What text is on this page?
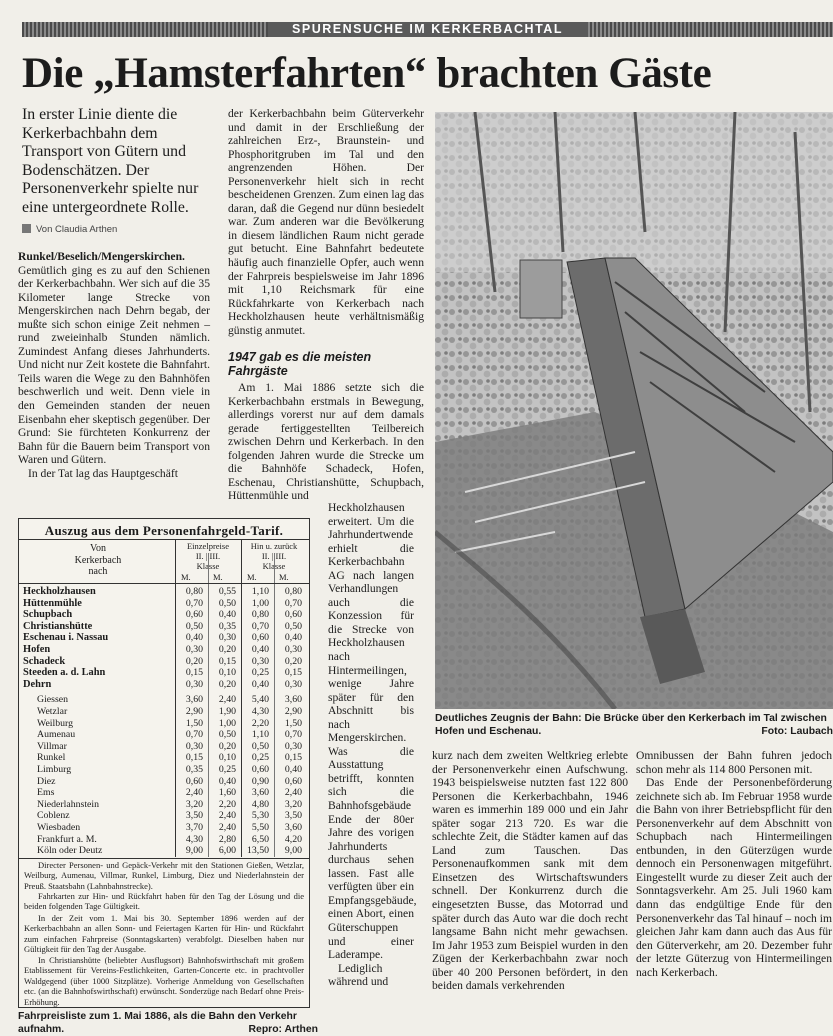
SPURENSUCHE IM KERKERBACHTAL
Die „Hamsterfahrten“ brachten Gäste
In erster Linie diente die Kerkerbachbahn dem Transport von Gütern und Bodenschätzen. Der Personenverkehr spielte nur eine untergeordnete Rolle.
Von Claudia Arthen

Runkel/Beselich/Mengerskirchen. Gemütlich ging es zu auf den Schienen der Kerkerbachbahn. Wer sich auf die 35 Kilometer lange Strecke von Mengerskirchen nach Dehrn begab, der mußte sich schon einige Zeit nehmen – rund zweieinhalb Stunden nämlich. Zumindest Anfang dieses Jahrhunderts. Und nicht nur Zeit kostete die Bahnfahrt. Teils waren die Wege zu den Bahnhöfen beschwerlich und weit. Denn viele in den Gemeinden standen der neuen Eisenbahn eher skeptisch gegenüber. Der Grund: Sie fürchteten Konkurrenz der Bahn für die Bauern beim Transport von Waren und Gütern.

In der Tat lag das Hauptgeschäft

der Kerkerbachbahn beim Güterverkehr und damit in der Erschließung der zahlreichen Erz-, Braunstein- und Phosphoritgruben im Tal und den angrenzenden Höhen. Der Personenverkehr hielt sich in recht bescheidenen Grenzen. Zum einen lag das daran, daß die Gegend nur dünn besiedelt war. Zum anderen war die Bevölkerung in diesem ländlichen Raum nicht gerade gut betucht. Eine Bahnfahrt bedeutete häufig auch finanzielle Opfer, auch wenn der Fahrpreis bespielsweise im Jahr 1896 mit 1,10 Reichsmark für eine Rückfahrkarte von Kerkerbach nach Heckholzhausen heute verhältnismäßig günstig anmutet.

1947 gab es die meisten Fahrgäste

Am 1. Mai 1886 setzte sich die Kerkerbachbahn erstmals in Bewegung, allerdings vorerst nur auf dem damals gerade fertiggestellten Teilbereich zwischen Dehrn und Kerkerbach. In den folgenden Jahren wurde die Strecke um die Bahnhöfe Schadeck, Hofen, Eschenau, Christianshütte, Schupbach, Hüttenmühle und

Heckholzhausen erweitert. Um die Jahrhundertwende erhielt die Kerkerbachbahn AG nach langen Verhandlungen auch die Konzession für die Strecke von Heckholzhausen nach Hintermeilingen, wenige Jahre später für den Abschnitt bis nach Mengerskirchen. Was die Ausstattung betrifft, konnten sich die Bahnhofsgebäude Ende der 80er Jahre des vorigen Jahrhunderts durchaus sehen lassen. Fast alle verfügten über ein Empfangsgebäude, einen Abort, einen Güterschuppen und einer Laderampe.

Lediglich während und

Deutliches Zeugnis der Bahn: Die Brücke über den Kerkerbach im Tal zwischen Hofen und Eschenau.	Foto: Laubach

kurz nach dem zweiten Weltkrieg erlebte der Personenverkehr einen Aufschwung. 1943 beispielsweise nutzten fast 122 800 Personen die Kerkerbachbahn, 1946 waren es immerhin 189 000 und ein Jahr später sogar 213 720. Es war die schlechte Zeit, die Städter kamen auf das Land zum Tauschen. Das Personenaufkommen sank mit dem Einsetzen des Wirtschaftswunders schnell. Der Konkurrenz durch die eingesetzten Busse, das Motorrad und später durch das Auto war die doch recht langsame Bahn nicht mehr gewachsen. Im Jahr 1953 zum Beispiel wurden in den Zügen der Kerkerbachbahn zwar noch über 40 200 Personen befördert, in den beiden damals verkehrenden

Omnibussen der Bahn fuhren jedoch schon mehr als 114 800 Personen mit.

Das Ende der Personenbeförderung zeichnete sich ab. Im Februar 1958 wurde die Bahn von ihrer Betriebspflicht für den Personenverkehr auf dem Abschnitt von Schupbach nach Hintermeilingen entbunden, in den Güterzügen wurde dennoch ein Personenwagen mitgeführt. Eingestellt wurde zu dieser Zeit auch der Sonntagsverkehr. Am 25. Juli 1960 kam dann das endgültige Ende für den Personenverkehr das Tal hinauf – noch im gleichen Jahr kam dann auch das Aus für den Güterverkehr, am 20. Dezember fuhr der letzte Güterzug von Hintermeilingen nach Kerkerbach.

Auszug aus dem Personenfahrgeld-Tarif.
Von
Kerkerbach
nach
Einzelpreise
II. | III.
Klasse
Hin u. zurück
II. | III.
Klasse
M.	M.	M.	M.
Heckholzhausen	0,80	0,55	1,10	0,80
Hüttenmühle	0,70	0,50	1,00	0,70
Schupbach	0,60	0,40	0,80	0,60
Christianshütte	0,50	0,35	0,70	0,50
Eschenau i. Nassau	0,40	0,30	0,60	0,40
Hofen	0,30	0,20	0,40	0,30
Schadeck	0,20	0,15	0,30	0,20
Steeden a. d. Lahn	0,15	0,10	0,25	0,15
Dehrn	0,30	0,20	0,40	0,30
Giessen	3,60	2,40	5,40	3,60
Wetzlar	2,90	1,90	4,30	2,90
Weilburg	1,50	1,00	2,20	1,50
Aumenau	0,70	0,50	1,10	0,70
Villmar	0,30	0,20	0,50	0,30
Runkel	0,15	0,10	0,25	0,15
Limburg	0,35	0,25	0,60	0,40
Diez	0,60	0,40	0,90	0,60
Ems	2,40	1,60	3,60	2,40
Niederlahnstein	3,20	2,20	4,80	3,20
Coblenz	3,50	2,40	5,30	3,50
Wiesbaden	3,70	2,40	5,50	3,60
Frankfurt a. M.	4,30	2,80	6,50	4,20
Köln oder Deutz	9,00	6,00	13,50	9,00
Directer Personen- und Gepäck-Verkehr mit den Stationen Gießen, Wetzlar, Weilburg, Aumenau, Villmar, Runkel, Limburg, Diez und Niederlahnstein der Preuß. Staatsbahn (Lahnbahnstrecke).
Fahrkarten zur Hin- und Rückfahrt haben für den Tag der Lösung und die beiden folgenden Tage Gültigkeit.
In der Zeit vom 1. Mai bis 30. September 1896 werden auf der Kerkerbachbahn an allen Sonn- und Feiertagen Karten für Hin- und Rückfahrt zum einfachen Fahrpreise (Sonntagskarten) verabfolgt. Dieselben haben nur Gültigkeit für den Tag der Ausgabe.
In Christianshütte (beliebter Ausflugsort) Bahnhofswirthschaft mit großem Etablissement für Vereins-Festlichkeiten, Garten-Concerte etc. in prachtvoller Waldgegend (über 1000 Sitzplätze). Vorherige Anmeldung von Gesellschaften etc. (an die Bahnhofswirthschaft) erwünscht. Sonderzüge nach Bedarf ohne Preis-Erhöhung.
Fahrpreisliste zum 1. Mai 1886, als die Bahn den Verkehr aufnahm.	Repro: Arthen
